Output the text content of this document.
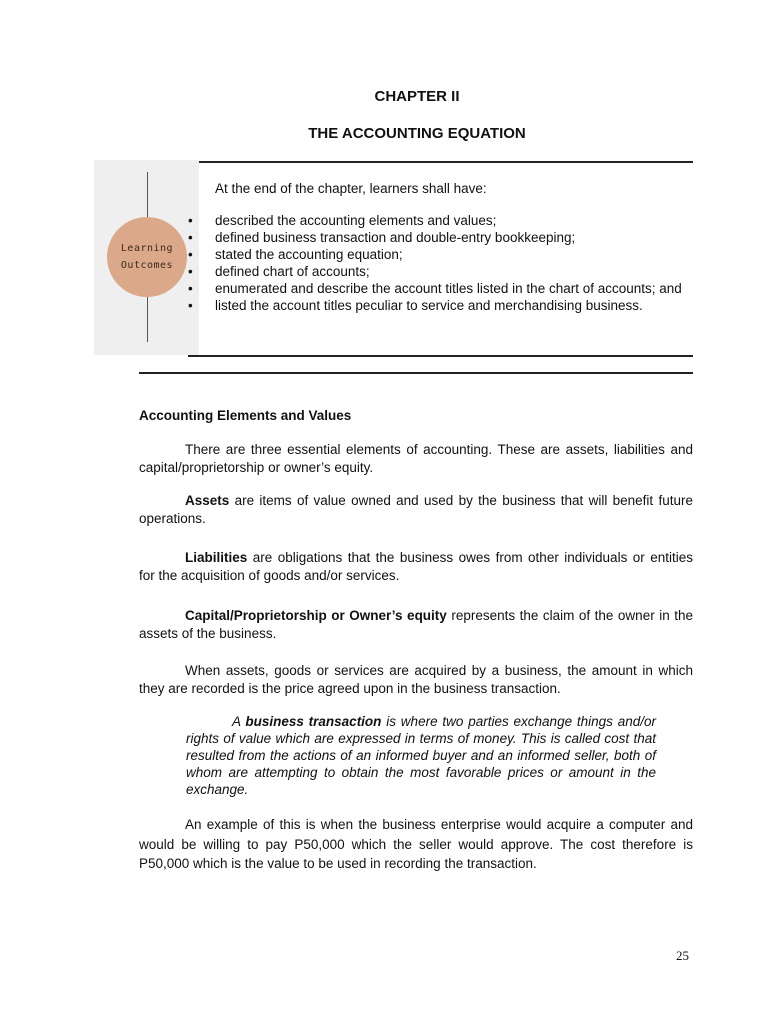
CHAPTER II
THE ACCOUNTING EQUATION
Learning
Outcomes
At the end of the chapter, learners shall have:
• described the accounting elements and values;
• defined business transaction and double-entry bookkeeping;
• stated the accounting equation;
• defined chart of accounts;
• enumerated and describe the account titles listed in the chart of accounts; and
• listed the account titles peculiar to service and merchandising business.
Accounting Elements and Values
There are three essential elements of accounting. These are assets, liabilities and capital/proprietorship or owner’s equity.
Assets are items of value owned and used by the business that will benefit future operations.
Liabilities are obligations that the business owes from other individuals or entities for the acquisition of goods and/or services.
Capital/Proprietorship or Owner’s equity represents the claim of the owner in the assets of the business.
When assets, goods or services are acquired by a business, the amount in which they are recorded is the price agreed upon in the business transaction.
A business transaction is where two parties exchange things and/or rights of value which are expressed in terms of money. This is called cost that resulted from the actions of an informed buyer and an informed seller, both of whom are attempting to obtain the most favorable prices or amount in the exchange.
An example of this is when the business enterprise would acquire a computer and would be willing to pay P50,000 which the seller would approve. The cost therefore is P50,000 which is the value to be used in recording the transaction.
25
